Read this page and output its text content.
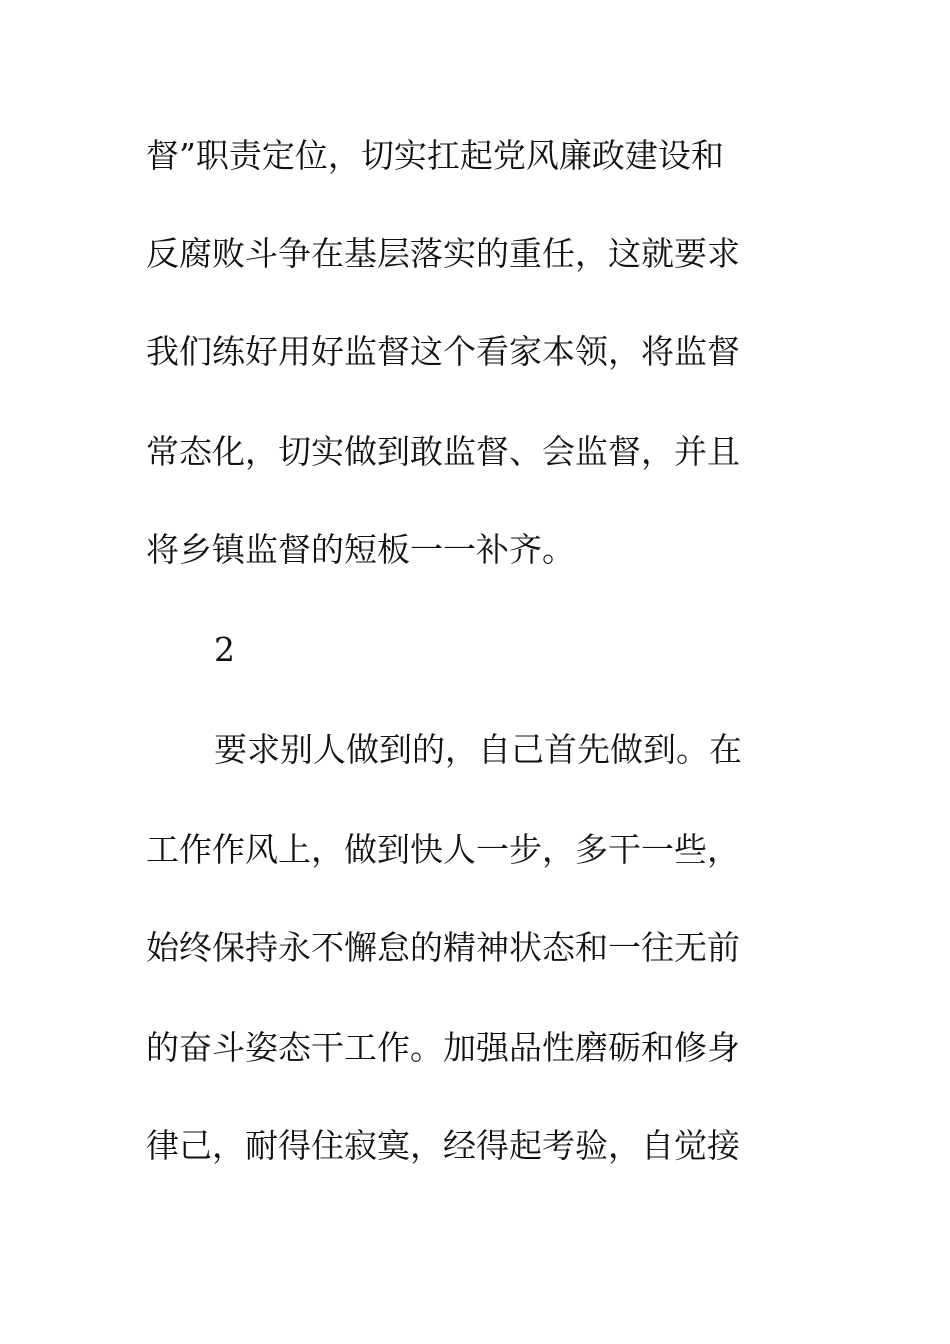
督”职责定位，切实扛起党风廉政建设和
反腐败斗争在基层落实的重任，这就要求
我们练好用好监督这个看家本领，将监督
常态化，切实做到敢监督、会监督，并且
将乡镇监督的短板一一补齐。
2
要求别人做到的，自己首先做到。在
工作作风上，做到快人一步，多干一些，
始终保持永不懈怠的精神状态和一往无前
的奋斗姿态干工作。加强品性磨砺和修身
律己，耐得住寂寞，经得起考验，自觉接
